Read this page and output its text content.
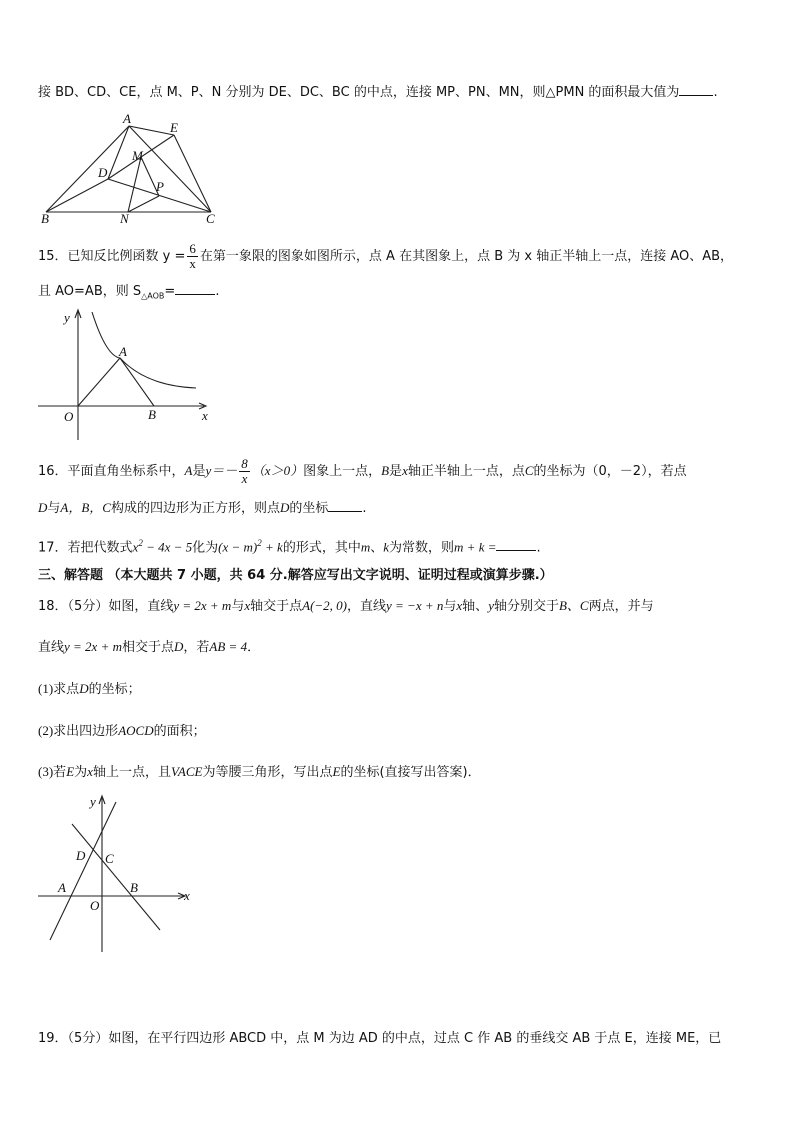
接 BD、CD、CE，点 M、P、N 分别为 DE、DC、BC 的中点，连接 MP、PN、MN，则△PMN 的面积最大值为	.
A
E
M
D
P
B	N	C
15．已知反比例函数 $y = \frac{6}{x}$ 在第一象限的图象如图所示，点 A 在其图象上，点 B 为 x 轴正半轴上一点，连接 AO、AB，
且 AO=AB，则 $S_{\triangle AOB}=$	.
y
A
O	B	x
16．平面直角坐标系中，A是$y=- \frac{8}{x} (x>0)$图象上一点，B是x轴正半轴上一点，点C的坐标为（0，－2），若点
D与A，B，C构成的四边形为正方形，则点D的坐标	.
17．若把代数式$x^2 - 4x - 5$化为$(x - m)^2 + k$的形式，其中m、k为常数，则m + k =	.
三、解答题 （本大题共 7 小题，共 64 分.解答应写出文字说明、证明过程或演算步骤.）
18．（5分）如图，直线y = 2x + m与x轴交于点A(−2, 0)，直线y = −x + n与x轴、y轴分别交于B、C两点，并与
直线y = 2x + m相交于点D，若AB = 4．
(1)求点D的坐标；
(2)求出四边形AOCD的面积；
(3)若E为x轴上一点，且VACE为等腰三角形，写出点E的坐标(直接写出答案)．
y
D C
A	B
O
x
19．（5分）如图，在平行四边形 ABCD 中，点 M 为边 AD 的中点，过点 C 作 AB 的垂线交 AB 于点 E，连接 ME，已
